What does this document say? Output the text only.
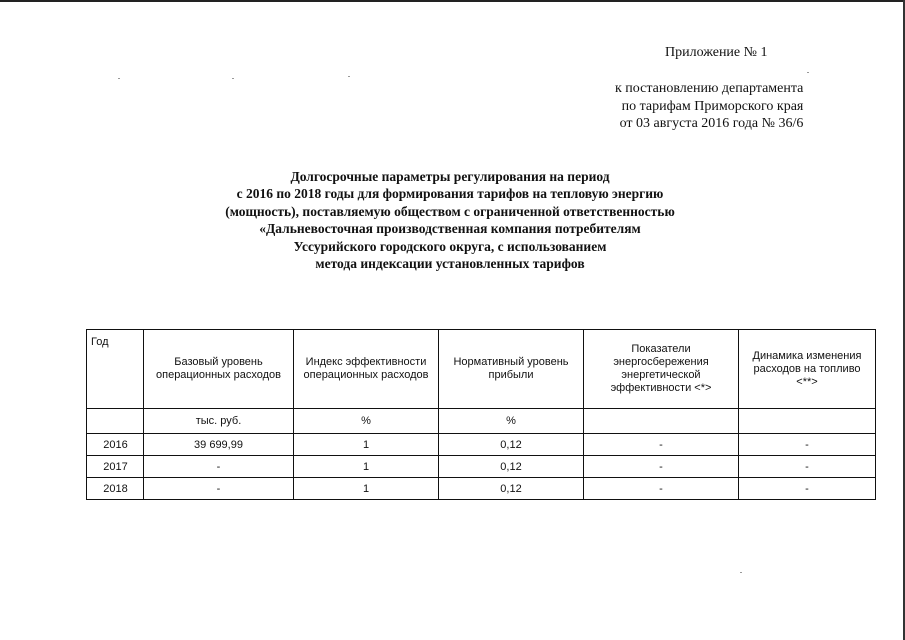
Приложение № 1
к постановлению департамента
по тарифам Приморского края
от 03 августа 2016 года № 36/6
Долгосрочные параметры регулирования на период
с 2016 по 2018 годы для формирования тарифов на тепловую энергию
(мощность), поставляемую обществом с ограниченной ответственностью
«Дальневосточная производственная компания потребителям
Уссурийского городского округа, с использованием
метода индексации установленных тарифов
Год	Базовый уровень операционных расходов	Индекс эффективности операционных расходов	Нормативный уровень прибыли	Показатели энергосбережения энергетической эффективности <*>	Динамика изменения расходов на топливо <**>
	тыс. руб.	%	%		
2016	39 699,99	1	0,12	-	-
2017	-	1	0,12	-	-
2018	-	1	0,12	-	-
